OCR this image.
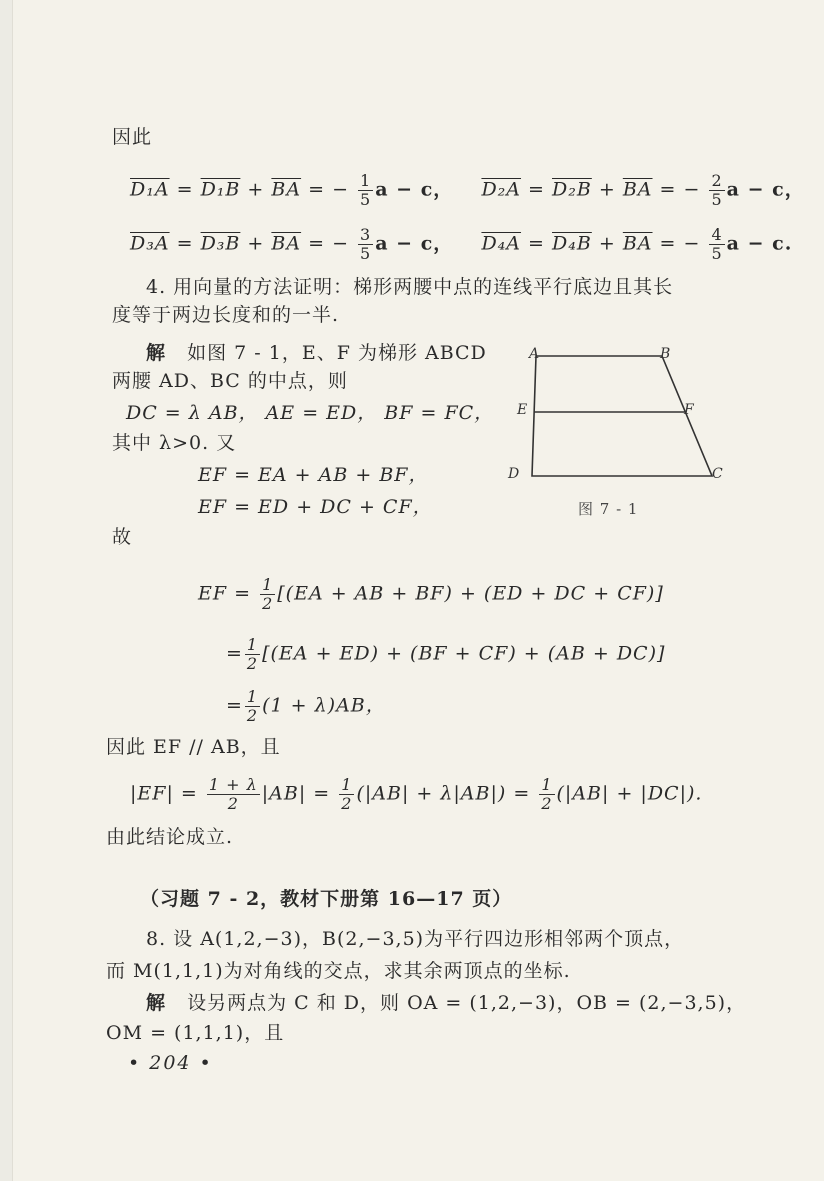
因此
$D_1A = D_1B + \overline{BA}$ = − $\frac{1}{5}$ a − c， $D_2A = D_2B + \overline{BA}$ = − $\frac{2}{5}$ a − c，
$D_3A = D_3B + \overline{BA}$ = − $\frac{3}{5}$ a − c， $D_4A = D_4B + \overline{BA}$ = − $\frac{4}{5}$ a − c.
4. 用向量的方法证明：梯形两腰中点的连线平行底边且其长
度等于两边长度和的一半.
解 如图 7 - 1，E、F 为梯形 ABCD
两腰 AD、BC 的中点，则
DC = λ AB， AE = ED， BF = FC，
其中 λ>0. 又
EF = EA + AB + BF，
EF = ED + DC + CF，
A	B
E	F
D	C
图 7 - 1
故
EF = $\frac{1}{2} [(EA$ + AB + BF) + (ED + DC + CF)]
= $\frac{1}{2} [(EA + ED) + (BF + CF) + (AB + DC)]$
= $\frac{1}{2} (1 + \lambda)AB$，
因此 EF // AB，且
$|EF| = \frac{1 + \lambda}{2} |AB| = \frac{1}{2} (|AB| + \lambda|AB|) = \frac{1}{2} (|AB| + |DC|)$.
由此结论成立.
（习题 7 - 2，教材下册第 16—17 页）
8. 设 A(1,2,−3)，B(2,−3,5)为平行四边形相邻两个顶点，
而 M(1,1,1)为对角线的交点，求其余两顶点的坐标.
解 设另两点为 C 和 D，则 OA = (1,2,−3)，OB = (2,−3,5)，
OM = (1,1,1)，且
• 204 •
